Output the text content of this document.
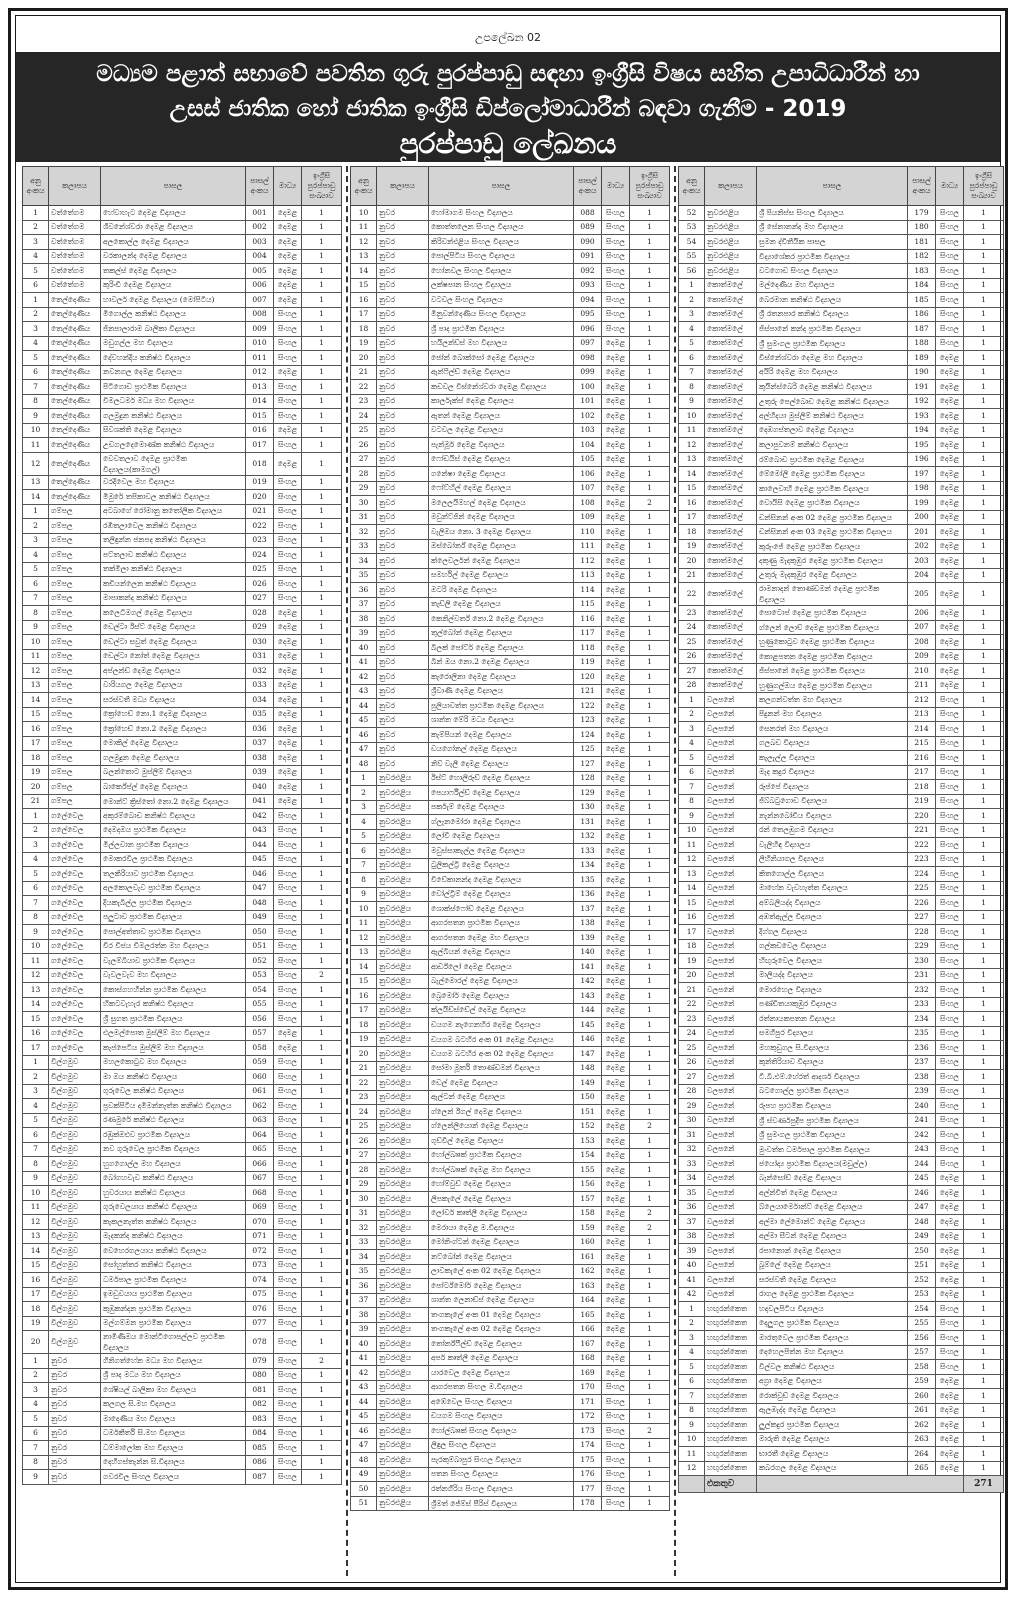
උපලේඛන 02
මධ්‍යම පළාත් සභාවේ පවතින ගුරු පුරප්පාඩු සඳහා ඉංග්‍රීසි විෂය සහිත උපාධිධාරීන් හා
උසස් ජාතික හෝ ජාතික ඉංග්‍රීසි ඩිප්ලෝමාධාරීන් බඳවා ගැනීම - 2019
පුරප්පාඩු ලේඛනය
අනු අංකය	කලාපය	පාසල	පාසල් අංකය	මාධ්‍ය	ඉංග්‍රීසි පුරප්පාඩු සංඛ්‍යාව
1	වත්තේගම	හේවාහැට දෙමළ විද්‍යාලය	001	දෙමළ	1
2	වත්තේගම	ශිවනේශ්වරා දෙමළ විද්‍යාලය	002	දෙමළ	1
3	වත්තේගම	අලකොල්ල දෙමළ විද්‍යාලය	003	දෙමළ	1
4	වත්තේගම	වරකාලන්ද දෙමළ විද්‍යාලය	004	දෙමළ	1
5	වත්තේගම	තකල්ස් දෙමළ විද්‍යාලය	005	දෙමළ	1
6	වත්තේගම	කුරිංචි දෙමළ විද්‍යාලය	006	දෙමළ	1
1	තෙල්දෙණිය	හාවලර් දෙමළ විද්‍යාලය (මෝපිටිය)	007	දෙමළ	1
2	තෙල්දෙණිය	මිගොල්ල කනිෂ්ඨ විද්‍යාලය	008	සිංහල	1
3	තෙල්දෙණිය	ජිනපාලාරාම බාලිකා විද්‍යාලය	009	සිංහල	1
4	තෙල්දෙණිය	මඩුගල්ල මහ විද්‍යාලය	010	සිංහල	1
5	තෙල්දෙණිය	දේවහන්දිය කනිෂ්ඨ විද්‍යාලය	011	සිංහල	1
6	තෙල්දෙණිය	නවනගල දෙමළ විද්‍යාලය	012	දෙමළ	1
7	තෙල්දෙණිය	පිටිගොඩ ප්‍රාථමික විද්‍යාලය	013	සිංහල	1
8	තෙල්දෙණිය	විමලධර්ම මධ්‍ය මහ විද්‍යාලය	014	සිංහල	1
9	තෙල්දෙණිය	ගලමුදුන කනිෂ්ඨ විද්‍යාලය	015	සිංහල	1
10	තෙල්දෙණිය	සිවශක්ති දෙමළ විද්‍යාලය	016	දෙමළ	1
11	තෙල්දෙණිය	උඩගලදෙමොණ්ක කනිෂ්ඨ විද්‍යාලය	017	සිංහල	1
12	තෙල්දෙණිය	වෙවතලාව දෙමළ ප්‍රාථමික විද්‍යාලය(කාමගල්)	018	දෙමළ	1
13	තෙල්දෙණිය	වරදිවෙල මහ විද්‍යාලය	019	සිංහල	1
14	තෙල්දෙණිය	මිමුරේ තපිකාවල කනිෂ්ඨ විද්‍යාලය	020	සිංහල	1
1	ගම්පල	අටබාගේ රෝමානු කතෝලික විද්‍යාලය	021	සිංහල	1
2	ගම්පල	රඹිතලාවෙල කනිෂ්ඨ විද්‍යාලය	022	සිංහල	1
3	ගම්පල	තලිඳුන්න ජනපද කනිෂ්ඨ විද්‍යාලය	023	සිංහල	1
4	ගම්පල	පට්තලාව කනිෂ්ඨ විද්‍යාලය	024	සිංහල	1
5	ගම්පල	තක්මිලා කනිෂ්ඨ විද්‍යාලය	025	සිංහල	1
6	ගම්පල	කඩියන්ලෙන කනිෂ්ඨ විද්‍යාලය	026	සිංහල	1
7	ගම්පල	මාපාකන්ද කනිෂ්ඨ විද්‍යාලය	027	සිංහල	1
8	ගම්පල	කලෙධිමගල් දෙමළ විද්‍යාලය	028	දෙමළ	1
9	ගම්පල	ඩෙල්ටා ඊස්ට් දෙමළ විද්‍යාලය	029	දෙමළ	1
10	ගම්පල	ඩෙල්ටා සවුත් දෙමළ විද්‍යාලය	030	දෙමළ	1
11	ගම්පල	ඩෙල්ටා නෝත් දෙමළ විද්‍යාලය	031	දෙමළ	1
12	ගම්පල	අප්ලන්ඩ් දෙමළ විද්‍යාලය	032	දෙමළ	1
13	ගම්පල	වාරියගල දෙමළ විද්‍යාලය	033	දෙමළ	1
14	ගම්පල	සරස්වතී මධ්‍ය විද්‍යාලය	034	දෙමළ	1
15	ගම්පල	ක්‍රෝහෙඩ් නො.1 දෙමළ විද්‍යාලය	035	දෙමළ	1
16	ගම්පල	ක්‍රෝහෙඩ් නො.2 දෙමළ විද්‍යාලය	036	දෙමළ	1
17	ගම්පල	මොකිල් දෙමළ විද්‍යාලය	037	දෙමළ	1
18	ගම්පල	ගලමුදුන දෙමළ විද්‍යාලය	038	දෙමළ	1
19	ගම්පල	බලන්තොට මුස්ලිම් විද්‍යාලය	039	දෙමළ	1
20	ගම්පල	බාර්කේප්ල් දෙමළ විද්‍යාලය	040	දෙමළ	1
21	ගම්පල	මොන්ට් ක්‍රිස්තෝ නො.2 දෙමළ විද්‍යාලය	041	දෙමළ	1
1	ගලේවෙල	අකුරම්බොඩ කනිෂ්ඨ විද්‍යාලය	042	සිංහල	1
2	ගලේවෙල	දෙමදඔය ප්‍රාථමික විද්‍යාලය	043	සිංහල	1
3	ගලේවෙල	මිල්ලවාන ප්‍රාථමික විද්‍යාලය	044	සිංහල	1
4	ගලේවෙල	මොකරවිල ප්‍රාථමික විද්‍යාලය	045	සිංහල	1
5	ගලේවෙල	තලකිරියාව ප්‍රාථමික විද්‍යාලය	046	සිංහල	1
6	ගලේවෙල	අලකොලවැව ප්‍රාථමික විද්‍යාලය	047	සිංහල	1
7	ගලේවෙල	දියකැබිල්ල ප්‍රාථමික විද්‍යාලය	048	සිංහල	1
8	ගලේවෙල	පලුටාව ප්‍රාථමික විද්‍යාලය	049	සිංහල	1
9	ගලේවෙල	පොල්අත්තාව ප්‍රාථමික විද්‍යාලය	050	සිංහල	1
10	ගලේවෙල	වීර විජය විමලරත්න මහ විද්‍යාලය	051	සිංහල	1
11	ගලේවෙල	වැලම්බියාව ප්‍රාථමික විද්‍යාලය	052	සිංහල	1
12	ගලේවෙල	වැවලවැව මහ විද්‍යාලය	053	සිංහල	2
13	ගලේවෙල	කොස්ගහහින්න ප්‍රාථමික විද්‍යාලය	054	සිංහල	1
14	ගලේවෙල	හිකටවැහැර කනිෂ්ඨ විද්‍යාලය	055	සිංහල	1
15	ගලේවෙල	ශ්‍රී සුගත ප්‍රාථමික විද්‍යාලය	056	සිංහල	1
16	ගලේවෙල	එලමල්පොත මුස්ලිම් මහ විද්‍යාලය	057	දෙමළ	1
17	ගලේවෙල	කැප්පෙටිය මුස්ලිම් මහ විද්‍යාලය	058	දෙමළ	1
1	විල්ගමුව	මහලකොටුව මහ විද්‍යාලය	059	සිංහල	1
2	විල්ගමුව	මා ඔය කනිෂ්ඨ විද්‍යාලය	060	සිංහල	1
3	විල්ගමුව	ගුරුවෙල කනිෂ්ඨ විද්‍යාලය	061	සිංහල	1
4	විල්ගමුව	ප්‍රවක්පිටිය දමිමන්නෑත්ත කනිෂ්ඨ විද්‍යාලය	062	සිංහල	1
5	විල්ගමුව	රණමුරේ කනිෂ්ඨ විද්‍යාලය	063	සිංහල	1
6	විල්ගමුව	රඹුක්ඔළුව ප්‍රාථමික විද්‍යාලය	064	සිංහල	1
7	විල්ගමුව	නව ගුරුවෙල ප්‍රාථමික විද්‍යාලය	065	සිංහල	1
8	විල්ගමුව	හුගගොල්ල මහ විද්‍යාලය	066	සිංහල	1
9	විල්ගමුව	බෝගහවැව කනිෂ්ඨ විද්‍යාලය	067	සිංහල	1
10	විල්ගමුව	හුවරයාය කනිෂ්ඨ විද්‍යාලය	068	සිංහල	1
11	විල්ගමුව	ගුරුවෙලයාය කනිෂ්ඨ විද්‍යාලය	069	සිංහල	1
12	විල්ගමුව	කැකලනැත්ත කනිෂ්ඨ විද්‍යාලය	070	සිංහල	1
13	විල්ගමුව	මැදකන්ද කනිෂ්ඨ විද්‍යාලය	071	සිංහල	1
14	විල්ගමුව	වෙහෙරගලයාය කනිෂ්ඨ විද්‍යාලය	072	සිංහල	1
15	විල්ගමුව	සෝහුත්තර කනිෂ්ඨ විද්‍යාලය	073	සිංහල	1
16	විල්ගමුව	ධර්මපාල ප්‍රාථමික විද්‍යාලය	074	සිංහල	1
17	විල්ගමුව	ඉමඩුවයාය ප්‍රාථමික විද්‍යාලය	075	සිංහල	1
18	විල්ගමුව	කුඹුකන්දන ප්‍රාථමික විද්‍යාලය	076	සිංහල	1
19	විල්ගමුව	මල්ගම්මන ප්‍රාථමික විද්‍යාලය	077	සිංහල	1
20	විල්ගමුව	නාමිණිඔය මොන්ටිගොපල්ලව ප්‍රාථමික විද්‍යාලය	078	සිංහල	1
1	නුවර	ගිනිගත්හේන මධ්‍ය මහ විද්‍යාලය	079	සිංහල	2
2	නුවර	ශ්‍රී පාද මධ්‍ය මහ විද්‍යාලය	080	සිංහල	1
3	නුවර	ශේෂියල් බාලිකා මහ විද්‍යාලය	081	සිංහල	1
4	නුවර	කලගල සි.මහ විද්‍යාලය	082	සිංහල	1
5	නුවර	මාදෙණිය මහ විද්‍යාලය	083	සිංහල	1
6	නුවර	ධර්මකීර්ති සි.මහ විද්‍යාලය	084	සිංහල	1
7	නුවර	ධම්මාලෝක මහ විද්‍යාලය	085	සිංහල	1
8	නුවර	දෙහිගස්තැන්න සි.විද්‍යාලය	086	සිංහල	1
9	නුවර	ගවරවිල සිංහල විද්‍යාලය	087	සිංහල	1
අනු අංකය	කලාපය	පාසල	පාසල් අංකය	මාධ්‍ය	ඉංග්‍රීසි පුරප්පාඩු සංඛ්‍යාව
10	නුවර	හෝමාගම සිංහල විද්‍යාලය	088	සිංහල	1
11	නුවර	කොත්තලෙන සිංහල විද්‍යාලය	089	සිංහල	1
12	නුවර	කිරිවන්එළිය සිංහල විද්‍යාලය	090	සිංහල	1
13	නුවර	පොල්පිටිය සිංහල විද්‍යාලය	091	සිංහල	1
14	නුවර	හෝනවල සිංහල විද්‍යාලය	092	සිංහල	1
15	නුවර	ලක්ෂපාන සිංහල විද්‍යාලය	093	සිංහල	1
16	නුවර	වටවල සිංහල විද්‍යාලය	094	සිංහල	1
17	නුවර	මිනුවන්දෙණිය සිංහල විද්‍යාලය	095	සිංහල	1
18	නුවර	ශ්‍රී පාද ප්‍රාථමික විද්‍යාලය	096	සිංහල	1
19	නුවර	හයිලන්ඩ්ස් මහ විද්‍යාලය	097	දෙමළ	1
20	නුවර	ජෝන් බොක්සෝ දෙමළ විද්‍යාලය	098	දෙමළ	1
21	නුවර	ඇන්ෆිල්ඩ් දෙමළ විද්‍යාලය	099	දෙමළ	1
22	නුවර	කඩවල විඝ්නේශ්වරා දෙමළ විද්‍යාලය	100	දෙමළ	1
23	නුවර	කාර්ලැක්ස් දෙමළ විද්‍යාලය	101	දෙමළ	1
24	නුවර	ඇතන් දෙමළ විද්‍යාලය	102	දෙමළ	1
25	නුවර	වටවල දෙමළ විද්‍යාලය	103	දෙමළ	1
26	නුවර	පැන්මූර් දෙමළ විද්‍යාලය	104	දෙමළ	1
27	නුවර	ෆෝඩයිස් දෙමළ විද්‍යාලය	105	දෙමළ	1
28	නුවර	ගනේෂා දෙමළ විද්‍යාලය	106	දෙමළ	1
29	නුවර	ෆෝට්හිල් දෙමළ විද්‍යාලය	107	දෙමළ	1
30	නුවර	මලෙලයිමහල් දෙමළ විද්‍යාලය	108	දෙමළ	2
31	නුවර	මවුන්ට්ජින් දෙමළ විද්‍යාලය	109	දෙමළ	1
32	නුවර	වැලිඔය නො. 3 දෙමළ විද්‍යාලය	110	දෙමළ	1
33	නුවර	ඔස්බෝර්න් දෙමළ විද්‍යාලය	111	දෙමළ	1
34	නුවර	ක්ලෙවර්ලන් දෙමළ විද්‍යාලය	112	දෙමළ	1
35	නුවර	සමර්හිල් දෙමළ විද්‍යාලය	113	දෙමළ	1
36	නුවර	ඔටරි දෙමළ විද්‍යාලය	114	දෙමළ	1
37	නුවර	තැඩ්ලි දෙමළ විද්‍යාලය	115	දෙමළ	1
38	නුවර	කෙනිල්වර්ත් නො.2 දෙමළ විද්‍යාලය	116	දෙමළ	1
39	නුවර	තුල්බෝන් දෙමළ විද්‍යාලය	117	දෙමළ	1
40	නුවර	බිලක් පෝට්ර් දෙමළ විද්‍යාලය	118	දෙමළ	1
41	නුවර	බින් ඔය නො.2 දෙමළ විද්‍යාලය	119	දෙමළ	1
42	නුවර	කැරොලිනා දෙමළ විද්‍යාලය	120	දෙමළ	1
43	නුවර	ශ්‍රීවාණි දෙමළ විද්‍යාලය	121	දෙමළ	1
44	නුවර	පුලියාවත්ත ප්‍රාථමික දෙමළ විද්‍යාලය	122	දෙමළ	1
45	නුවර	ශාන්ත මේරි මධ්‍ය විද්‍යාලය	123	දෙමළ	1
46	නුවර	කැම්පියන් දෙමළ විද්‍යාලය	124	දෙමළ	1
47	නුවර	ඩයගෝනල් දෙමළ විද්‍යාලය	125	දෙමළ	1
48	නුවර	නිව් වැලී දෙමළ විද්‍යාලය	127	දෙමළ	1
1	නුවරඑළිය	ඊස්ට් හොලිරූඩ් දෙමළ විද්‍යාලය	128	දෙමළ	1
2	නුවරඑළිය	පෙයාර්ෆීල්ඩ් දෙමළ විද්‍යාලය	129	දෙමළ	1
3	නුවරඑළිය	පර්කැම් දෙමළ විද්‍යාලය	130	දෙමළ	1
4	නුවරඑළිය	ග්ලැනමෝරා දෙමළ විද්‍යාලය	131	දෙමළ	1
5	නුවරඑළිය	ලෝවී දෙමළ විද්‍යාලය	132	දෙමළ	1
6	නුවරඑළිය	මවුස්සාකැල්ල දෙමළ විද්‍යාලය	133	දෙමළ	1
7	නුවරඑළිය	ටුලිකල්ට්‍රි දෙමළ විද්‍යාලය	134	දෙමළ	1
8	නුවරඑළිය	විවේකානන්ද දෙමළ විද්‍යාලය	135	දෙමළ	1
9	නුවරඑළිය	වෝල්ට්‍රිම් දෙමළ විද්‍යාලය	136	දෙමළ	1
10	නුවරඑළිය	ශොක්ස්ෆෝඩ් දෙමළ විද්‍යාලය	137	දෙමළ	1
11	නුවරඑළිය	ආගරපතන ප්‍රාථමික විද්‍යාලය	138	දෙමළ	1
12	නුවරඑළිය	ආගරපතන දෙමළ මහ විද්‍යාලය	139	දෙමළ	1
13	නුවරඑළිය	ඇල්බියන් දෙමළ විද්‍යාලය	140	දෙමළ	1
14	නුවරඑළිය	ආර්ඩ්ලෝ දෙමළ විද්‍යාලය	141	දෙමළ	1
15	නුවරඑළිය	බැල්මොරල් දෙමළ විද්‍යාලය	142	දෙමළ	1
16	නුවරඑළිය	බ්‍රෙමෝර් දෙමළ විද්‍යාලය	143	දෙමළ	1
17	නුවරඑළිය	ක්ලයිඩ්ස්ඩේල් දෙමළ විද්‍යාලය	144	දෙමළ	1
18	නුවරඑළිය	ඩයගම නැගෙනහිර දෙමළ විද්‍යාලය	145	දෙමළ	1
19	නුවරඑළිය	ඩයගම බටහිර අංක 01 දෙමළ විද්‍යාලය	146	දෙමළ	1
20	නුවරඑළිය	ඩයගම බටහිර අංක 02 දෙමළ විද්‍යාලය	147	දෙමළ	1
21	නුවරඑළිය	සෝමා මූර්ති තොණ්ඩමන් විද්‍යාලය	148	දෙමළ	1
22	නුවරඑළිය	ඩෙල් දෙමළ විද්‍යාලය	149	දෙමළ	1
23	නුවරඑළිය	ඇල්ටන් දෙමළ විද්‍යාලය	150	දෙමළ	1
24	නුවරඑළිය	ග්ලෙන් ඊගල් දෙමළ විද්‍යාලය	151	දෙමළ	1
25	නුවරඑළිය	ග්ලෙන්ලියොන් දෙමළ විද්‍යාලය	152	දෙමළ	2
26	නුවරඑළිය	ගුඩ්විල් දෙමළ විද්‍යාලය	153	දෙමළ	1
27	නුවරඑළිය	හෝල්බෲක් ප්‍රාථමික විද්‍යාලය	154	දෙමළ	1
28	නුවරඑළිය	හෝල්බෲක් දෙමළ මහ විද්‍යාලය	155	දෙමළ	1
29	නුවරඑළිය	හෝම්වුඩ් දෙමළ විද්‍යාලය	156	දෙමළ	1
30	නුවරඑළිය	ලිපකැලේ දෙමළ විද්‍යාලය	157	දෙමළ	1
31	නුවරඑළිය	ලෝවර් කෘත්ලී දෙමළ විද්‍යාලය	158	දෙමළ	2
32	නුවරඑළිය	මෙරායා දෙමළ ම.විද්‍යාලය	159	දෙමළ	2
33	නුවරඑළිය	මෝනිංග්ටන් දෙමළ විද්‍යාලය	160	දෙමළ	1
34	නුවරඑළිය	නට්බෝන් දෙමළ විද්‍යාලය	161	දෙමළ	1
35	නුවරඑළිය	ලාවකැලේ අංක 02 දෙමළ විද්‍යාලය	162	දෙමළ	1
36	නුවරඑළිය	පෝර්ට්මෝර් දෙමළ විද්‍යාලය	163	දෙමළ	1
37	නුවරඑළිය	ශාන්ත ලෙනාඩ්ස් දෙමළ විද්‍යාලය	164	දෙමළ	1
38	නුවරඑළිය	තංගකැලේ අංක 01 දෙමළ විද්‍යාලය	165	දෙමළ	1
39	නුවරඑළිය	තංගකැලේ අංක 02 දෙමළ විද්‍යාලය	166	දෙමළ	1
40	නුවරඑළිය	තෝර්න්ෆීල්ඩ් දෙමළ විද්‍යාලය	167	දෙමළ	1
41	නුවරඑළිය	අපර් කෘත්ලී දෙමළ විද්‍යාලය	168	දෙමළ	1
42	නුවරඑළිය	යාරවෙල දෙමළ විද්‍යාලය	169	දෙමළ	1
43	නුවරඑළිය	ආගරපතන සිංහල ම.විද්‍යාලය	170	සිංහල	1
44	නුවරඑළිය	අඹේවෙල සිංහල විද්‍යාලය	171	සිංහල	1
45	නුවරඑළිය	ඩයගම සිංහල විද්‍යාලය	172	සිංහල	1
46	නුවරඑළිය	හෝල්බෲක් සිංහල විද්‍යාලය	173	සිංහල	2
47	නුවරඑළිය	ලිඳුල සිංහල විද්‍යාලය	174	සිංහල	1
48	නුවරඑළිය	පැරකුම්බාපුර සිංහල විද්‍යාලය	175	සිංහල	1
49	නුවරඑළිය	පතන සිංහල විද්‍යාලය	176	සිංහල	1
50	නුවරඑළිය	රත්නගිරිය සිංහල විද්‍යාලය	177	සිංහල	1
51	නුවරඑළිය	ශ්‍රීමත් ජේම්ස් පීරිස් විද්‍යාලය	178	සිංහල	1
අනු අංකය	කලාපය	පාසල	පාසල් අංකය	මාධ්‍ය	ඉංග්‍රීසි පුරප්පාඩු සංඛ්‍යාව
52	නුවරඑළිය	ශ්‍රී පියනිස්ස සිංහල විද්‍යාලය	179	සිංහල	1
53	නුවරඑළිය	ශ්‍රී සේනානන්ද මහ විද්‍යාලය	180	සිංහල	1
54	නුවරඑළිය	සුමන ද්විතීයික පාසල	181	සිංහල	1
55	නුවරඑළිය	විද්‍යාශේකර ප්‍රාථමික විද්‍යාලය	182	සිංහල	1
56	නුවරඑළිය	වටගොඩ සිංහල විද්‍යාලය	183	සිංහල	1
1	කොත්මලේ	මල්දෙණිය මහ විද්‍යාලය	184	සිංහල	1
2	කොත්මලේ	බෙරමාන කනිෂ්ඨ විද්‍යාලය	185	සිංහල	1
3	කොත්මලේ	ශ්‍රී රතනපාර කනිෂ්ඨ විද්‍යාලය	186	සිංහල	1
4	කොත්මලේ	ජිස්පානේ කන්ද ප්‍රාථමික විද්‍යාලය	187	සිංහල	1
5	කොත්මලේ	ශ්‍රී සුමංගල ප්‍රාථමික විද්‍යාලය	188	සිංහල	1
6	කොත්මලේ	විඝ්නේශ්වරා දෙමළ මහ විද්‍යාලය	189	දෙමළ	1
7	කොත්මලේ	අයිරි දෙමළ මහ විද්‍යාලය	190	දෙමළ	1
8	කොත්මලේ	කුයින්ස්බෙරි දෙමළ කනිෂ්ඨ විද්‍යාලය	191	දෙමළ	1
9	කොත්මලේ	උතුරු පෙල්බොඩ දෙමළ කනිෂ්ඨ විද්‍යාලය	192	දෙමළ	1
10	කොත්මලේ	අල්හිදයා මුස්ලිම් කනිෂ්ඨ විද්‍යාලය	193	දෙමළ	1
11	කොත්මලේ	දෙඹගස්තලාව දෙමළ විද්‍යාලය	194	දෙමළ	1
12	කොත්මලේ	කලාපුවනම් කනිෂ්ඨ විද්‍යාලය	195	දෙමළ	1
13	කොත්මලේ	රම්බොඩ ප්‍රාථමික දෙමළ විද්‍යාලය	196	දෙමළ	1
14	කොත්මලේ	මේමෝලි දෙමළ ප්‍රාථමික විද්‍යාලය	197	දෙමළ	1
15	කොත්මලේ	කාලෙවාහි දෙමළ ප්‍රාථමික විද්‍යාලය	198	දෙමළ	1
16	කොත්මලේ	වොයිසි දෙමළ ප්‍රාථමික විද්‍යාලය	199	දෙමළ	1
17	කොත්මලේ	ඩන්සිනන් අංක 02 දෙමළ ප්‍රාථමික විද්‍යාලය	200	දෙමළ	1
18	කොත්මලේ	ඩන්සිනන් අංක 03 දෙමළ ප්‍රාථමික විද්‍යාලය	201	දෙමළ	1
19	කොත්මලේ	කුරුංජේ දෙමළ ප්‍රාථමික විද්‍යාලය	202	දෙමළ	1
20	කොත්මලේ	දකුණු මැදකුඹුර දෙමළ ප්‍රාථමික විද්‍යාලය	203	දෙමළ	1
21	කොත්මලේ	උතුරු මැදකුඹුර දෙමළ විද්‍යාලය	204	දෙමළ	1
22	කොත්මලේ	රාමනාදන් තොණ්ඩමන් දෙමළ ප්‍රාථමික විද්‍යාලය	205	දෙමළ	1
23	කොත්මලේ	පොටොප් දෙමළ ප්‍රාථමික විද්‍යාලය	206	දෙමළ	1
24	කොත්මලේ	ග්ලෙන් ලොච් දෙමළ ප්‍රාථමික විද්‍යාලය	207	දෙමළ	1
25	කොත්මලේ	හුණුකොටුව දෙමළ ප්‍රාථමික විද්‍යාලය	208	දෙමළ	1
26	කොත්මලේ	කොළපතන දෙමළ ප්‍රාථමික විද්‍යාලය	209	දෙමළ	1
27	කොත්මලේ	ජිස්පානේ දෙමළ ප්‍රාථමික විද්‍යාලය	210	දෙමළ	1
28	කොත්මලේ	හුණුගල්ඔය දෙමළ ප්‍රාථමික විද්‍යාලය	211	දෙමළ	1
1	වලපනේ	කලගන්වත්ත මහ විද්‍යාලය	212	සිංහල	1
2	වලපනේ	පිදුනන් මහ විද්‍යාලය	213	සිංහල	1
3	වලපනේ	සෙනරත් මහ විද්‍යාලය	214	සිංහල	1
4	වලපනේ	ගලබඩ විද්‍යාලය	215	සිංහල	1
5	වලපනේ	කැලැල්ල විද්‍යාලය	216	සිංහල	1
6	වලපනේ	මැද කදුර විද්‍යාලය	217	සිංහල	1
7	වලපනේ	රූප්පේ විද්‍යාලය	218	සිංහල	1
8	වලපනේ	ජිබ්බටුගොඩ විද්‍යාලය	219	සිංහල	1
9	වලපනේ	නැන්නබෝඩිය විද්‍යාලය	220	සිංහල	1
10	වලපනේ	රන් තෙලඹුගම විද්‍යාලය	221	සිංහල	1
11	වලපනේ	වැලිහිඳ විද්‍යාලය	222	සිංහල	1
12	වලපනේ	ලිහිනියාගල විද්‍යාලය	223	සිංහල	1
13	වලපනේ	කිතගොල්ල විද්‍යාලය	224	සිංහල	1
14	වලපනේ	මාහේන වැවහැත්ත විද්‍යාලය	225	සිංහල	1
15	වලපනේ	අම්බලියද්ද විද්‍යාලය	226	සිංහල	1
16	වලපනේ	අඹත්ඇල්ල විද්‍යාලය	227	සිංහල	1
17	වලපනේ	දිග්ගල විද්‍යාලය	228	සිංහල	1
18	වලපනේ	ගල්කඩවෙල විද්‍යාලය	229	සිංහල	1
19	වලපනේ	හිඟුරුවෙල විද්‍යාලය	230	සිංහල	1
20	වලපනේ	මාලියද්ද විද්‍යාලය	231	සිංහල	1
21	වලපනේ	මොරහෙල විද්‍යාලය	232	සිංහල	1
22	වලපනේ	පණ්ඩිතයාකුඹුර විද්‍යාලය	233	සිංහල	1
23	වලපනේ	රත්නායකපතන විද්‍යාලය	234	සිංහල	1
24	වලපනේ	සමගිපුර විද්‍යාලය	235	සිංහල	1
25	වලපනේ	මහකුඩුගල සි.විද්‍යාලය	236	සිංහල	1
26	වලපනේ	කුන්තිරියාව විද්‍යාලය	237	සිංහල	1
27	වලපනේ	ටී.බී.එම්.හේරත් ආදර්ශ විද්‍යාලය	238	සිංහල	1
28	වලපනේ	බටගොල්ල ප්‍රාථමික විද්‍යාලය	239	සිංහල	1
29	වලපනේ	රූපහ ප්‍රාථමික විද්‍යාලය	240	සිංහල	1
30	වලපනේ	ශ්‍රී ස්වර්ණපුදීප ප්‍රාථමික විද්‍යාලය	241	සිංහල	1
31	වලපනේ	ශ්‍රී සුමංගල ප්‍රාථමික විද්‍යාලය	242	සිංහල	1
32	වලපනේ	මුංවත්ත ධර්මපාල ප්‍රාථමික විද්‍යාලය	243	සිංහල	1
33	වලපනේ	ජයෝද්‍ය ප්‍රාථමික විද්‍යාලය(මඩුල්ල)	244	සිංහල	1
34	වලපනේ	බෑන්සෝඩ් දෙමළ විද්‍යාලය	245	දෙමළ	1
35	වලපනේ	අල්න්විත් දෙමළ විද්‍යාලය	246	දෙමළ	1
36	වලපනේ	බ්ලෙයාර්මොන්ට් දෙමළ විද්‍යාලය	247	දෙමළ	1
37	වලපනේ	අල්මා ලේමොන්ට් දෙමළ විද්‍යාලය	248	දෙමළ	1
38	වලපනේ	අල්මා සීටන් දෙමළ විද්‍යාලය	249	දෙමළ	1
39	වලපනේ	රපානොන් දෙමළ විද්‍යාලය	250	දෙමළ	1
40	වලපනේ	බූම්ලේ දෙමළ විද්‍යාලය	251	දෙමළ	1
41	වලපනේ	සරස්වතී දෙමළ විද්‍යාලය	252	දෙමළ	1
42	වලපනේ	රාගල දෙමළ ප්‍රාථමික විද්‍යාලය	253	දෙමළ	1
1	හඟුරන්කෙත	හදවලපිටිය විද්‍යාලය	254	සිංහල	1
2	හඟුරන්කෙත	දෙලුගල ප්‍රාථමික විද්‍යාලය	255	සිංහල	1
3	හඟුරන්කෙත	මාරතුවෙල ප්‍රාථමික විද්‍යාලය	256	සිංහල	1
4	හඟුරන්කෙත	දෙහෙලපිත්න මහ විද්‍යාලය	257	සිංහල	1
5	හඟුරන්කෙත	විල්වල කනිෂ්ඨ විද්‍යාලය	258	සිංහල	1
6	හඟුරන්කෙත	අග්‍රා දෙමළ විද්‍යාලය	259	දෙමළ	1
7	හඟුරන්කෙත	රොක්වුඩ් දෙමළ විද්‍යාලය	260	දෙමළ	1
8	හඟුරන්කෙත	ඇලඹැද්ද දෙමළ විද්‍යාලය	261	දෙමළ	1
9	හඟුරන්කෙත	ලුල්කදුර ප්‍රාථමික විද්‍යාලය	262	දෙමළ	1
10	හඟුරන්කෙත	මාරුති දෙමළ විද්‍යාලය	263	දෙමළ	1
11	හඟුරන්කෙත	භාරතී දෙමළ විද්‍යාලය	264	දෙමළ	1
12	හඟුරන්කෙත	කබරගල දෙමළ විද්‍යාලය	265	දෙමළ	1
	එකතුව				271
